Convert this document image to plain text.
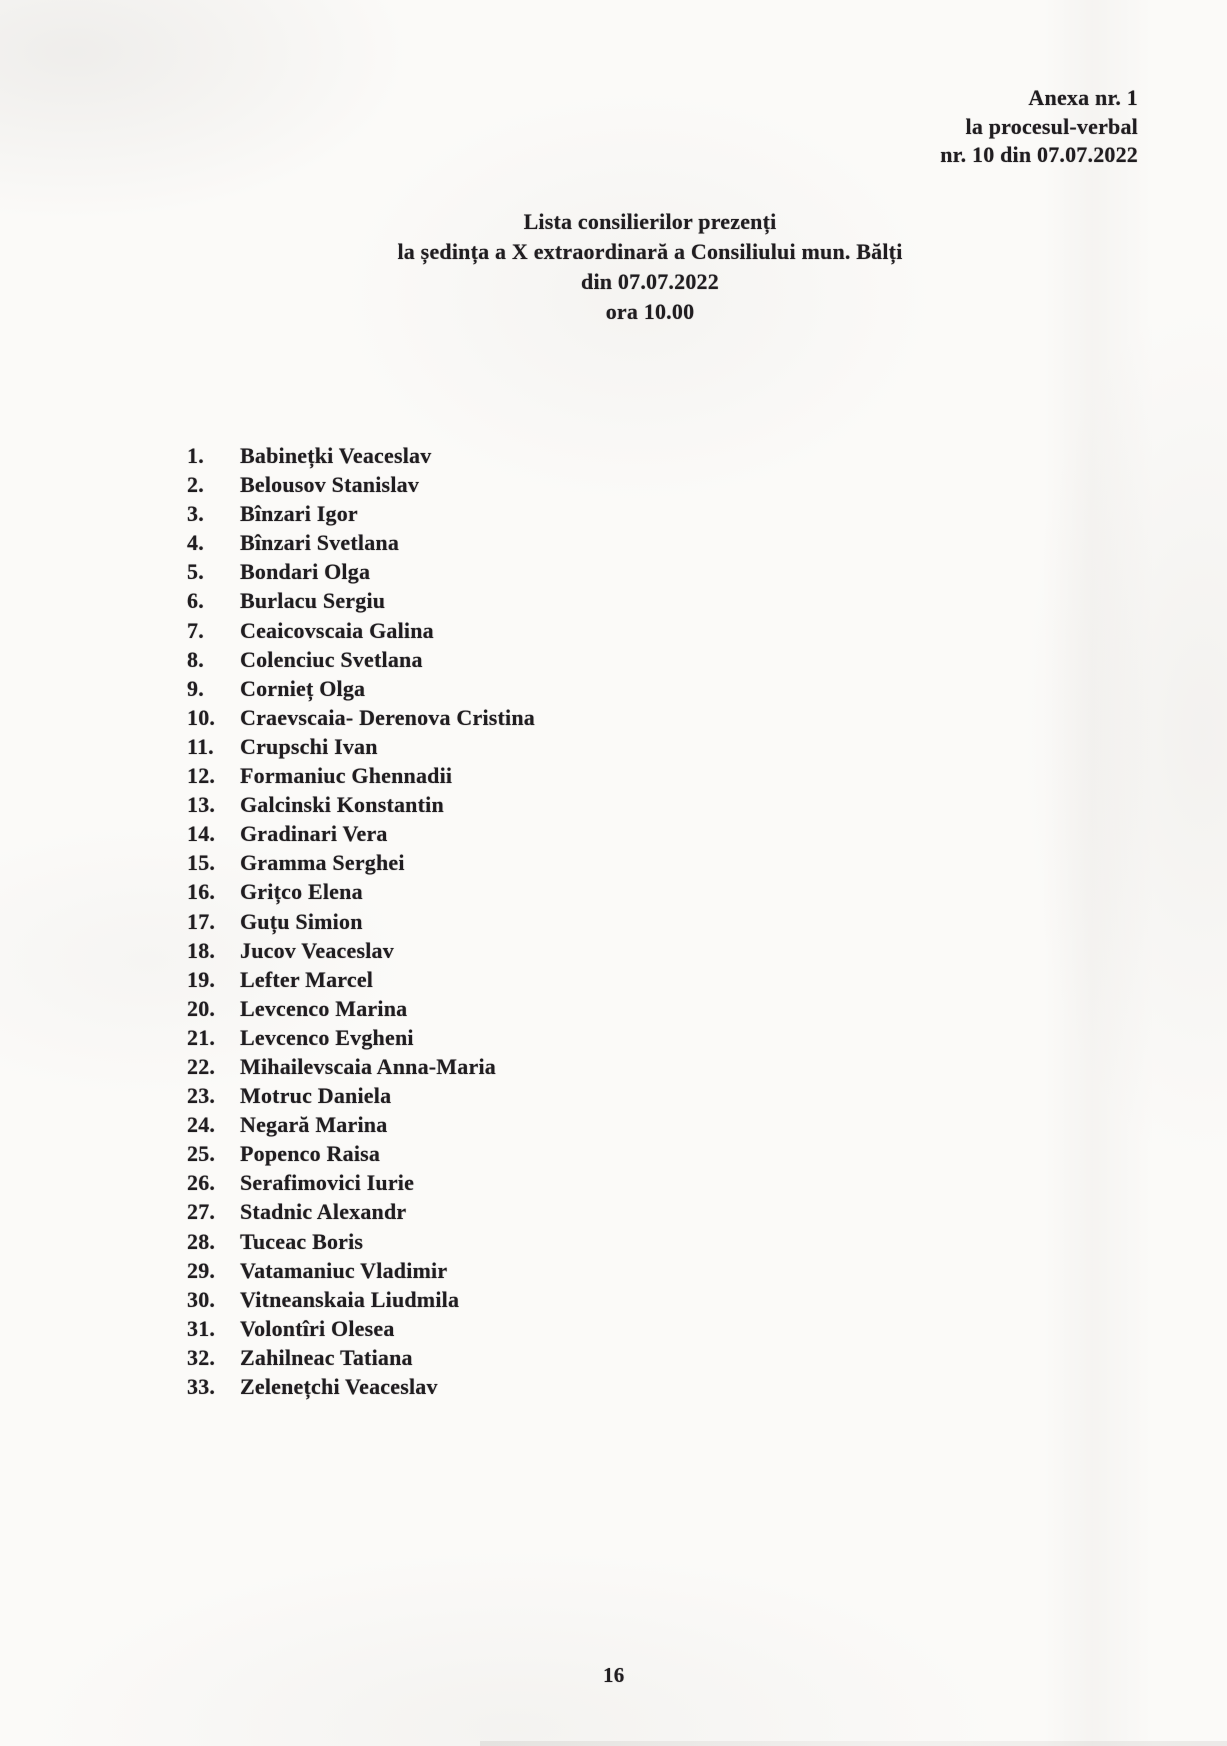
Anexa nr. 1
la procesul-verbal
nr. 10 din 07.07.2022
Lista consilierilor prezenți
la ședința a X extraordinară a Consiliului mun. Bălți
din 07.07.2022
ora 10.00
1.	Babinețki Veaceslav
2.	Belousov Stanislav
3.	Bînzari Igor
4.	Bînzari Svetlana
5.	Bondari Olga
6.	Burlacu Sergiu
7.	Ceaicovscaia Galina
8.	Colenciuc Svetlana
9.	Cornieț Olga
10.	Craevscaia- Derenova Cristina
11.	Crupschi Ivan
12.	Formaniuc Ghennadii
13.	Galcinski Konstantin
14.	Gradinari Vera
15.	Gramma Serghei
16.	Grițco Elena
17.	Guțu Simion
18.	Jucov Veaceslav
19.	Lefter Marcel
20.	Levcenco Marina
21.	Levcenco Evgheni
22.	Mihailevscaia Anna-Maria
23.	Motruc Daniela
24.	Negară Marina
25.	Popenco Raisa
26.	Serafimovici Iurie
27.	Stadnic Alexandr
28.	Tuceac Boris
29.	Vatamaniuc Vladimir
30.	Vitneanskaia Liudmila
31.	Volontîri Olesea
32.	Zahilneac Tatiana
33.	Zelenețchi Veaceslav
16
